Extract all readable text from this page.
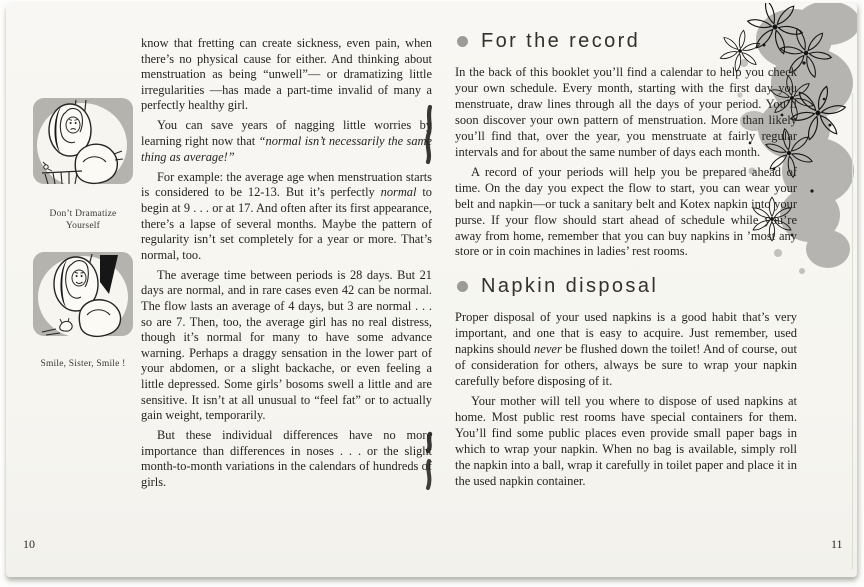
Don’t Dramatize Yourself
Smile, Sister, Smile !

know that fretting can create sickness, even pain, when there’s no physical cause for either. And thinking about menstruation as being “unwell”— or dramatizing little irregularities —has made a part-time invalid of many a perfectly healthy girl.

You can save years of nagging little worries by learning right now that “normal isn’t necessarily the same thing as average!”

For example: the average age when menstruation starts is considered to be 12-13. But it’s perfectly normal to begin at 9 . . . or at 17. And often after its first appearance, there’s a lapse of several months. Maybe the pattern of regularity isn’t set completely for a year or more. That’s normal, too.

The average time between periods is 28 days. But 21 days are normal, and in rare cases even 42 can be normal. The flow lasts an average of 4 days, but 3 are normal . . . so are 7. Then, too, the average girl has no real distress, though it’s normal for many to have some advance warning. Perhaps a draggy sensation in the lower part of your abdomen, or a slight backache, or even feeling a little depressed. Some girls’ bosoms swell a little and are sensitive. It isn’t at all unusual to “feel fat” or to actually gain weight, temporarily.

But these individual differences have no more importance than differences in noses . . . or the slight month-to-month variations in the calendars of hundreds of girls.

10
For the record

In the back of this booklet you’ll find a calendar to help you check your own schedule. Every month, starting with the first day you menstruate, draw lines through all the days of your period. You’ll soon discover your own pattern of menstruation. More than likely you’ll find that, over the year, you menstruate at fairly regular intervals and for about the same number of days each month.

A record of your periods will help you be prepared ahead of time. On the day you expect the flow to start, you can wear your belt and napkin—or tuck a sanitary belt and Kotex napkin into your purse. If your flow should start ahead of schedule while you’re away from home, remember that you can buy napkins in ’most any store or in coin machines in ladies’ rest rooms.

Napkin disposal

Proper disposal of your used napkins is a good habit that’s very important, and one that is easy to acquire. Just remember, used napkins should never be flushed down the toilet! And of course, out of consideration for others, always be sure to wrap your napkin carefully before disposing of it.

Your mother will tell you where to dispose of used napkins at home. Most public rest rooms have special containers for them. You’ll find some public places even provide small paper bags in which to wrap your napkin. When no bag is available, simply roll the napkin into a ball, wrap it carefully in toilet paper and place it in the used napkin container.

11
